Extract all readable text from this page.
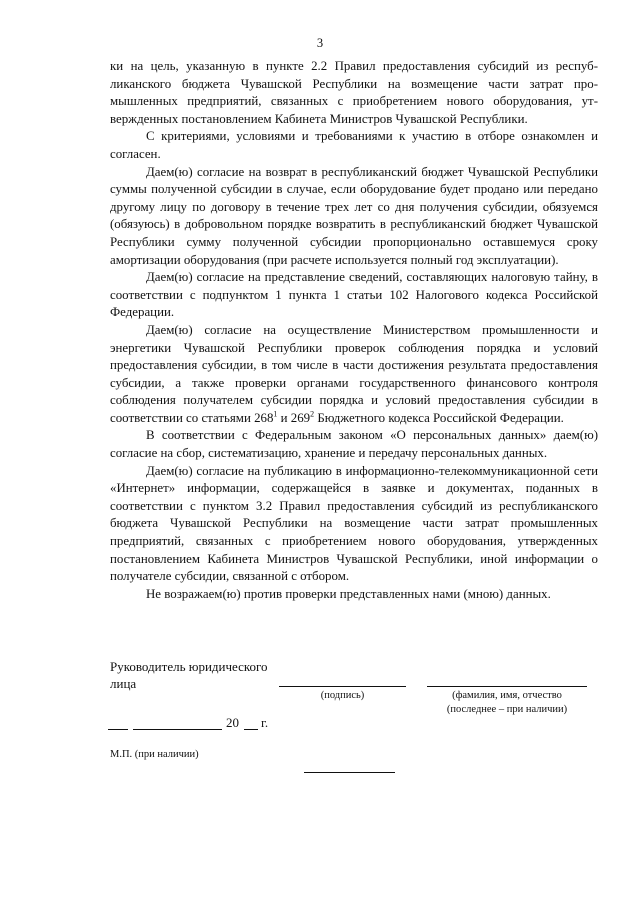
3

ки на цель, указанную в пункте 2.2 Правил предоставления субсидий из республиканского бюджета Чувашской Республики на возмещение части затрат промышленных предприятий, связанных с приобретением нового оборудования, утвержденных постановлением Кабинета Министров Чувашской Республики.

С критериями, условиями и требованиями к участию в отборе ознакомлен и согласен.

Даем(ю) согласие на возврат в республиканский бюджет Чувашской Республики суммы полученной субсидии в случае, если оборудование будет продано или передано другому лицу по договору в течение трех лет со дня получения субсидии, обязуемся (обязуюсь) в добровольном порядке возвратить в республиканский бюджет Чувашской Республики сумму полученной субсидии пропорционально оставшемуся сроку амортизации оборудования (при расчете используется полный год эксплуатации).

Даем(ю) согласие на представление сведений, составляющих налоговую тайну, в соответствии с подпунктом 1 пункта 1 статьи 102 Налогового кодекса Российской Федерации.

Даем(ю) согласие на осуществление Министерством промышленности и энергетики Чувашской Республики проверок соблюдения порядка и условий предоставления субсидии, в том числе в части достижения результата предоставления субсидии, а также проверки органами государственного финансового контроля соблюдения получателем субсидии порядка и условий предоставления субсидии в соответствии со статьями $268^1$ и $269^2$ Бюджетного кодекса Российской Федерации.

В соответствии с Федеральным законом «О персональных данных» даем(ю) согласие на сбор, систематизацию, хранение и передачу персональных данных.

Даем(ю) согласие на публикацию в информационно-телекоммуникационной сети «Интернет» информации, содержащейся в заявке и документах, поданных в соответствии с пунктом 3.2 Правил предоставления субсидий из республиканского бюджета Чувашской Республики на возмещение части затрат промышленных предприятий, связанных с приобретением нового оборудования, утвержденных постановлением Кабинета Министров Чувашской Республики, иной информации о получателе субсидии, связанной с отбором.

Не возражаем(ю) против проверки представленных нами (мною) данных.

Руководитель юридического
лица
(подпись)	(фамилия, имя, отчество
(последнее – при наличии)
20 г.
М.П. (при наличии)
